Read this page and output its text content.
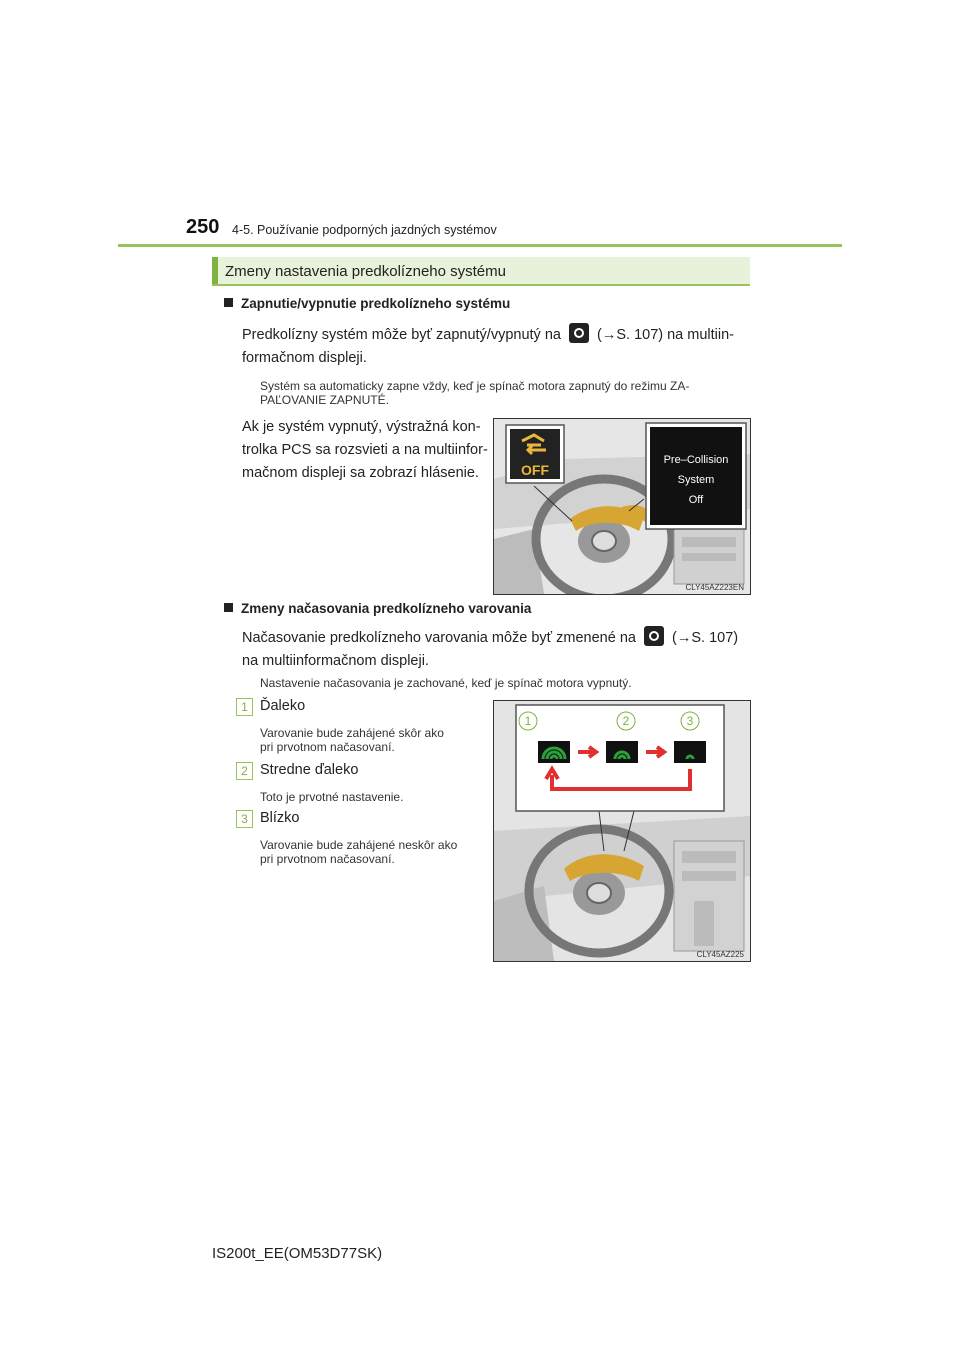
250 4-5. Používanie podporných jazdných systémov
Zmeny nastavenia predkolízneho systému
Zapnutie/vypnutie predkolízneho systému
Predkolízny systém môže byť zapnutý/vypnutý na (→S. 107) na multiin-
formačnom displeji.
Systém sa automaticky zapne vždy, keď je spínač motora zapnutý do režimu ZA-
PAĽOVANIE ZAPNUTÉ.
Ak je systém vypnutý, výstražná kon-
trolka PCS sa rozsvieti a na multiinfor-
mačnom displeji sa zobrazí hlásenie.	OFF
Pre–Collision
System
Off
CLY45AZ223EN
Zmeny načasovania predkolízneho varovania
Načasovanie predkolízneho varovania môže byť zmenené na (→S. 107)
na multiinformačnom displeji.
Nastavenie načasovania je zachované, keď je spínač motora vypnutý.
1 Ďaleko
Varovanie bude zahájené skôr ako
pri prvotnom načasovaní.
2 Stredne ďaleko
Toto je prvotné nastavenie.
3 Blízko
Varovanie bude zahájené neskôr ako
pri prvotnom načasovaní.
1	2	3
CLY45AZ225
IS200t_EE(OM53D77SK)
